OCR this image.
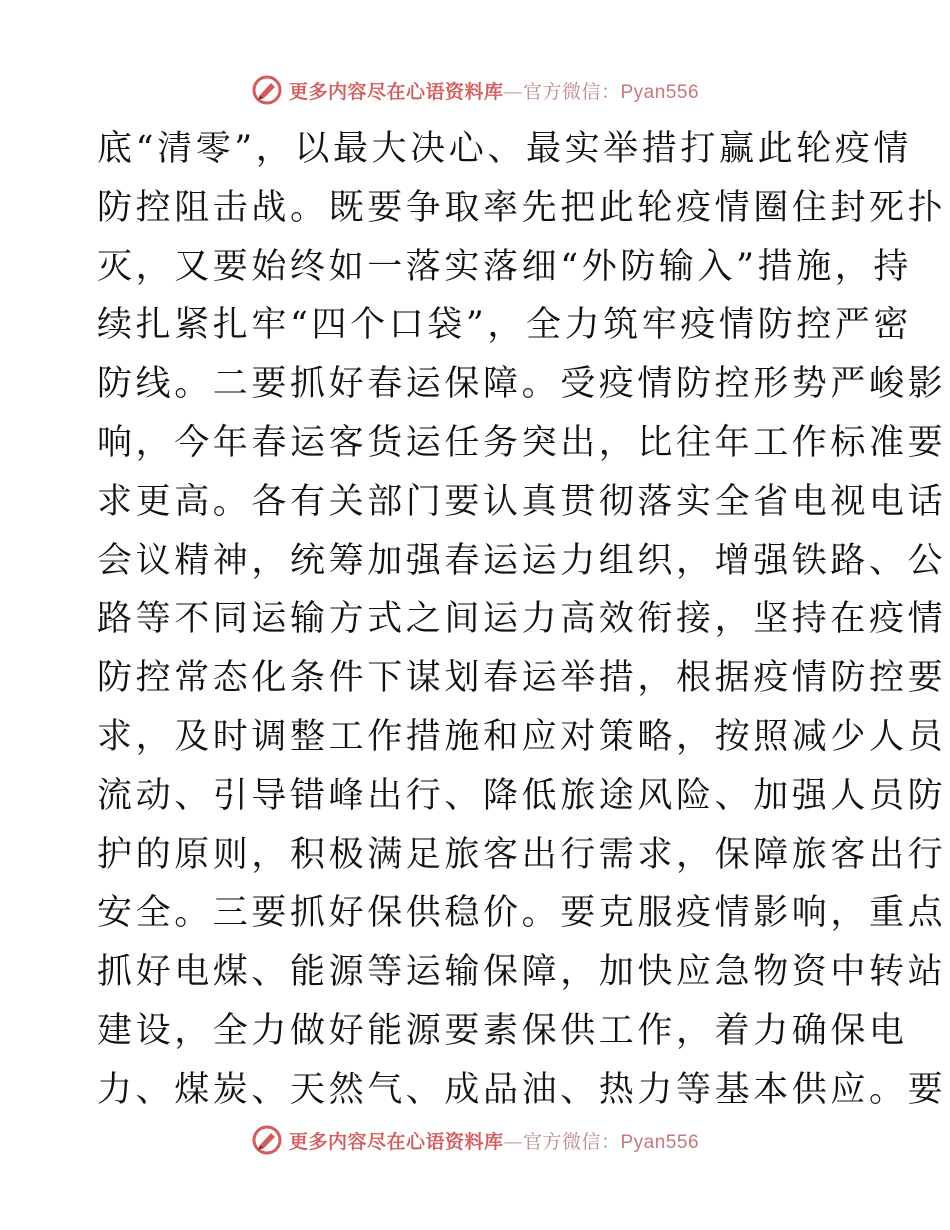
更多内容尽在心语资料库—官方微信：Pyan556
底“清零”，以最大决心、最实举措打赢此轮疫情
防控阻击战。既要争取率先把此轮疫情圈住封死扑
灭，又要始终如一落实落细“外防输入”措施，持
续扎紧扎牢“四个口袋”，全力筑牢疫情防控严密
防线。二要抓好春运保障。受疫情防控形势严峻影
响，今年春运客货运任务突出，比往年工作标准要
求更高。各有关部门要认真贯彻落实全省电视电话
会议精神，统筹加强春运运力组织，增强铁路、公
路等不同运输方式之间运力高效衔接，坚持在疫情
防控常态化条件下谋划春运举措，根据疫情防控要
求，及时调整工作措施和应对策略，按照减少人员
流动、引导错峰出行、降低旅途风险、加强人员防
护的原则，积极满足旅客出行需求，保障旅客出行
安全。三要抓好保供稳价。要克服疫情影响，重点
抓好电煤、能源等运输保障，加快应急物资中转站
建设，全力做好能源要素保供工作，着力确保电
力、煤炭、天然气、成品油、热力等基本供应。要
更多内容尽在心语资料库—官方微信：Pyan556
